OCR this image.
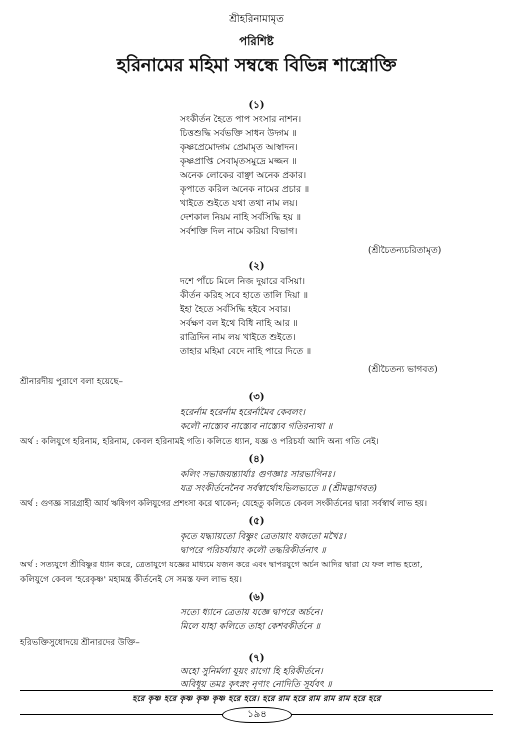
শ্রীহরিনামামৃত
পরিশিষ্ট
হরিনামের মহিমা সম্বন্ধে বিভিন্ন শাস্ত্রোক্তি
(১)
সংকীর্তন হৈতে পাপ সংসার নাশন।
চিত্তশুদ্ধি সর্বভক্তি সাধন উদ্গম ॥
কৃষ্ণপ্রেমোদ্গম প্রেমামৃত আস্বাদন।
কৃষ্ণপ্রাপ্তি সেবামৃতসমুদ্রে মজ্জন ॥
অনেক লোকের বাঞ্ছা অনেক প্রকার।
কৃপাতে করিল অনেক নামের প্রচার ॥
খাইতে শুইতে যথা তথা নাম লয়।
দেশকাল নিয়ম নাহি সর্বসিদ্ধি হয় ॥
সর্বশক্তি দিল নামে করিয়া বিভাগ।
(শ্রীচৈতন্যচরিতামৃত)
(২)
দশে পাঁচে মিলে নিজ দুয়ারে বসিয়া।
কীর্তন করিহ সবে হাতে তালি দিয়া ॥
ইহা হৈতে সর্বসিদ্ধি হইবে সবার।
সর্বক্ষণ বল ইথে বিধি নাহি আর ॥
রাত্রিদিন নাম লয় খাইতে শুইতে।
তাহার মহিমা বেদে নাহি পারে দিতে ॥
(শ্রীচৈতন্য ভাগবত)
শ্রীনারদীয় পুরাণে বলা হয়েছে–
(৩)
হরের্নাম হরের্নাম হরের্নামৈব কেবলং।
কলৌ নাস্ত্যেব নাস্ত্যেব নাস্ত্যেব গতিরন্যথা ॥
অর্থ : কলিযুগে হরিনাম, হরিনাম, কেবল হরিনামই গতি। কলিতে ধ্যান, যজ্ঞ ও পরিচর্যা আদি অন্য গতি নেই।
(৪)
কলিং সভাজয়ন্ত্যার্যাঃ গুণজ্ঞাঃ সারভাগিনঃ।
যত্র সংকীর্তনেনৈব সর্বস্বার্থোঽভিলভ্যতে ॥ (শ্রীমদ্ভাগবত)
অর্থ : গুণজ্ঞ সারগ্রাহী আর্য ঋষিগণ কলিযুগের প্রশংসা করে থাকেন; যেহেতু কলিতে কেবল সংকীর্তনের দ্বারা সর্বস্বার্থ লাভ হয়।
(৫)
কৃতে যদ্ধ্যায়তো বিষ্ণুং ত্রেতায়াং যজতো মখৈঃ।
দ্বাপরে পরিচর্যায়াং কলৌ তদ্ধরিকীর্তনাৎ ॥
অর্থ : সত্যযুগে শ্রীবিষ্ণুর ধ্যান করে, ত্রেতাযুগে যজ্ঞের মাধ্যমে যজন করে এবং দ্বাপরযুগে অর্চন আদির দ্বারা যে ফল লাভ হতো,
কলিযুগে কেবল 'হরেকৃষ্ণ' মহামন্ত্র কীর্তনেই সে সমস্ত ফল লাভ হয়।
(৬)
সত্যে ধ্যানে ত্রেতায় যজ্ঞে দ্বাপরে অর্চনে।
মিলে যাহা কলিতে তাহা কেশবকীর্তনে ॥
হরিভক্তিসুধোদয়ে শ্রীনারদের উক্তি–
(৭)
অহো সুনির্মলা যূয়ং রাগো হি হরিকীর্তনে।
অবিধূয় তমঃ কৃৎস্নং নৃণাং নোদিতি সূর্যবৎ ॥
হরে কৃষ্ণ হরে কৃষ্ণ কৃষ্ণ কৃষ্ণ হরে হরে। হরে রাম হরে রাম রাম রাম হরে হরে
১৯৪
